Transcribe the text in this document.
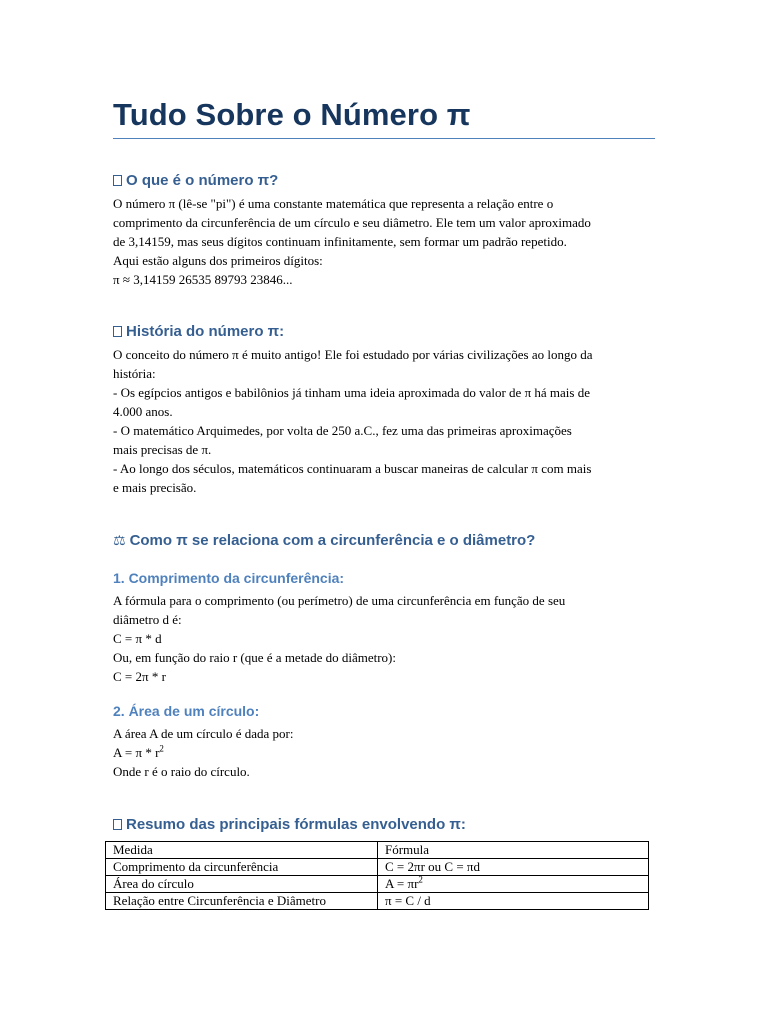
Tudo Sobre o Número π
O que é o número π?

O número π (lê-se "pi") é uma constante matemática que representa a relação entre o

comprimento da circunferência de um círculo e seu diâmetro. Ele tem um valor aproximado

de 3,14159, mas seus dígitos continuam infinitamente, sem formar um padrão repetido.

Aqui estão alguns dos primeiros dígitos:

π ≈ 3,14159 26535 89793 23846...

História do número π:

O conceito do número π é muito antigo! Ele foi estudado por várias civilizações ao longo da

história:

- Os egípcios antigos e babilônios já tinham uma ideia aproximada do valor de π há mais de

4.000 anos.

- O matemático Arquimedes, por volta de 250 a.C., fez uma das primeiras aproximações

mais precisas de π.

- Ao longo dos séculos, matemáticos continuaram a buscar maneiras de calcular π com mais

e mais precisão.

⚖ Como π se relaciona com a circunferência e o diâmetro?
1. Comprimento da circunferência:

A fórmula para o comprimento (ou perímetro) de uma circunferência em função de seu

diâmetro d é:

C = π * d

Ou, em função do raio r (que é a metade do diâmetro):

C = 2π * r

2. Área de um círculo:

A área A de um círculo é dada por:

$A = \pi * r^2$

Onde r é o raio do círculo.

Resumo das principais fórmulas envolvendo π:
Medida	Fórmula
Comprimento da circunferência	C = 2πr ou C = πd
Área do círculo	$A = \pi r^2$
Relação entre Circunferência e Diâmetro	π = C / d
